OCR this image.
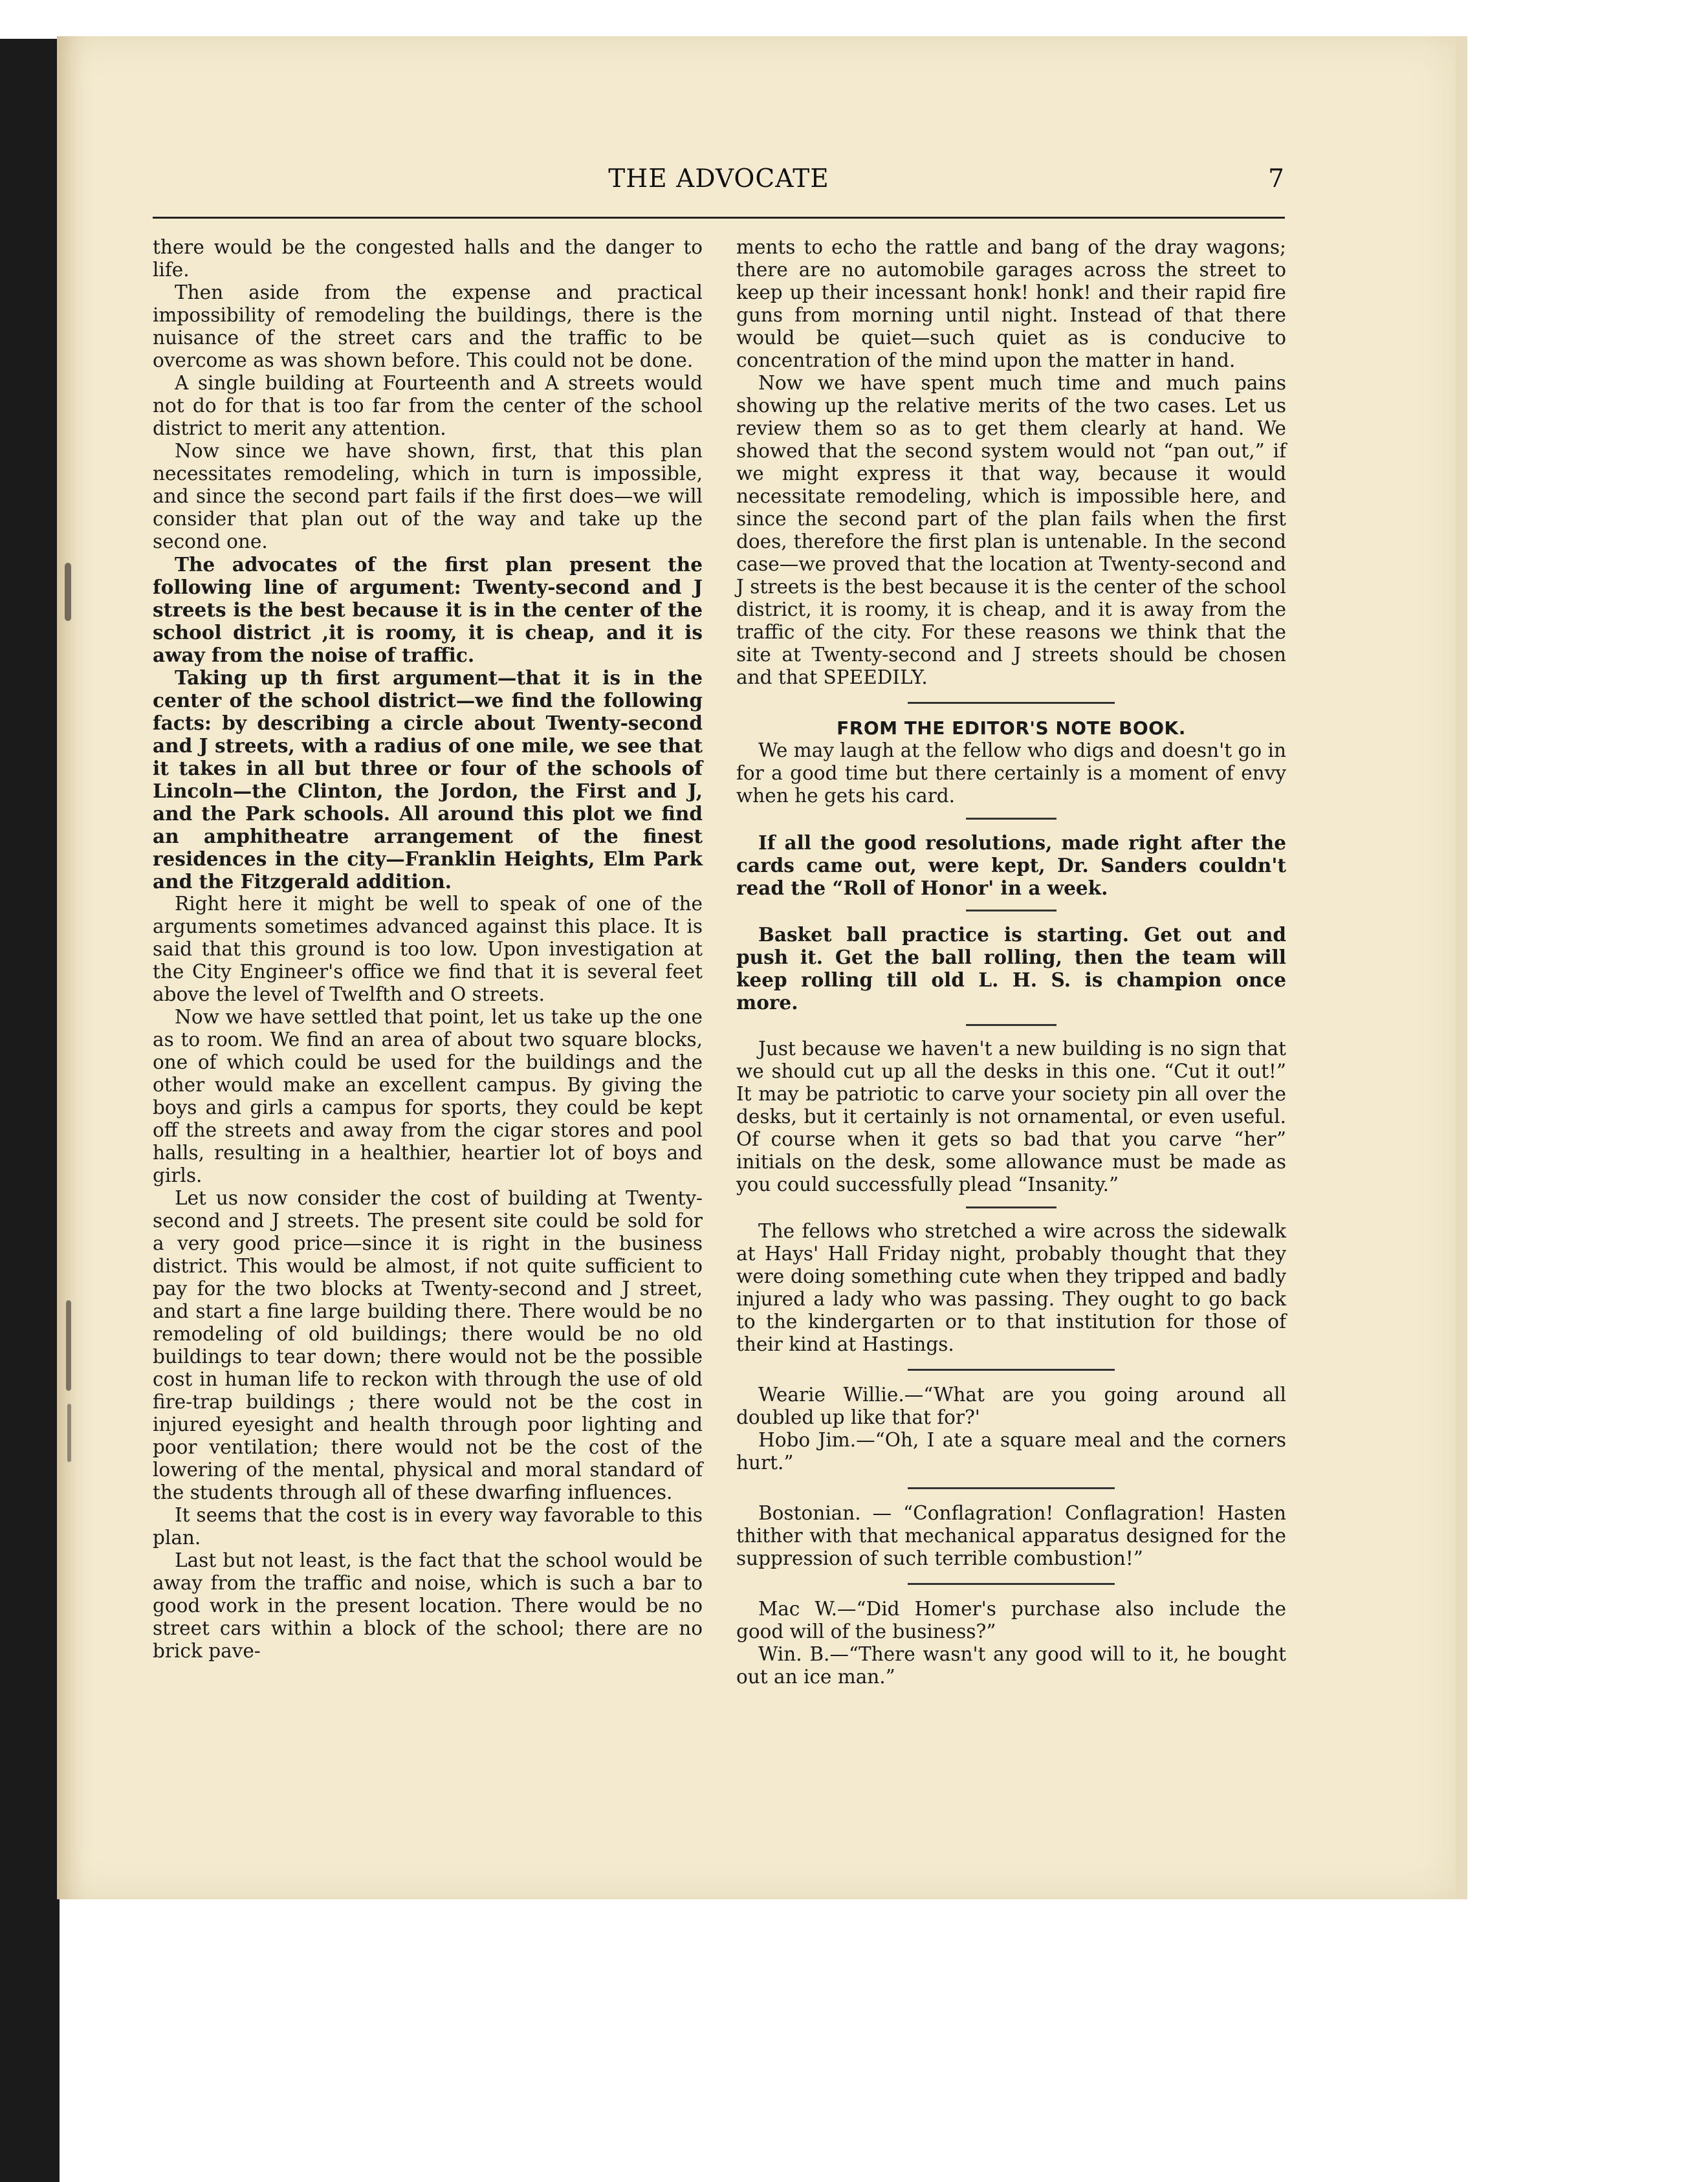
THE ADVOCATE	7

there would be the congested halls and the danger to life.

Then aside from the expense and practical impossibility of remodeling the buildings, there is the nuisance of the street cars and the traffic to be overcome as was shown before. This could not be done.

A single building at Fourteenth and A streets would not do for that is too far from the center of the school district to merit any attention.

Now since we have shown, first, that this plan necessitates remodeling, which in turn is impossible, and since the second part fails if the first does—we will consider that plan out of the way and take up the second one.

The advocates of the first plan present the following line of argument: Twenty-second and J streets is the best because it is in the center of the school district ,it is roomy, it is cheap, and it is away from the noise of traffic.

Taking up th first argument—that it is in the center of the school district—we find the following facts: by describing a circle about Twenty-second and J streets, with a radius of one mile, we see that it takes in all but three or four of the schools of Lincoln—the Clinton, the Jordon, the First and J, and the Park schools. All around this plot we find an amphitheatre arrangement of the finest residences in the city—Franklin Heights, Elm Park and the Fitzgerald addition.

Right here it might be well to speak of one of the arguments sometimes advanced against this place. It is said that this ground is too low. Upon investigation at the City Engineer's office we find that it is several feet above the level of Twelfth and O streets.

Now we have settled that point, let us take up the one as to room. We find an area of about two square blocks, one of which could be used for the buildings and the other would make an excellent campus. By giving the boys and girls a campus for sports, they could be kept off the streets and away from the cigar stores and pool halls, resulting in a healthier, heartier lot of boys and girls.

Let us now consider the cost of building at Twenty-second and J streets. The present site could be sold for a very good price—since it is right in the business district. This would be almost, if not quite sufficient to pay for the two blocks at Twenty-second and J street, and start a fine large building there. There would be no remodeling of old buildings; there would be no old buildings to tear down; there would not be the possible cost in human life to reckon with through the use of old fire-trap buildings ; there would not be the cost in injured eyesight and health through poor lighting and poor ventilation; there would not be the cost of the lowering of the mental, physical and moral standard of the students through all of these dwarfing influences.

It seems that the cost is in every way favorable to this plan.

Last but not least, is the fact that the school would be away from the traffic and noise, which is such a bar to good work in the present location. There would be no street cars within a block of the school; there are no brick pave-

ments to echo the rattle and bang of the dray wagons; there are no automobile garages across the street to keep up their incessant honk! honk! and their rapid fire guns from morning until night. Instead of that there would be quiet—such quiet as is conducive to concentration of the mind upon the matter in hand.

Now we have spent much time and much pains showing up the relative merits of the two cases. Let us review them so as to get them clearly at hand. We showed that the second system would not “pan out,” if we might express it that way, because it would necessitate remodeling, which is impossible here, and since the second part of the plan fails when the first does, therefore the first plan is untenable. In the second case—we proved that the location at Twenty-second and J streets is the best because it is the center of the school district, it is roomy, it is cheap, and it is away from the traffic of the city. For these reasons we think that the site at Twenty-second and J streets should be chosen and that SPEEDILY.

FROM THE EDITOR'S NOTE BOOK.

We may laugh at the fellow who digs and doesn't go in for a good time but there certainly is a moment of envy when he gets his card.

If all the good resolutions, made right after the cards came out, were kept, Dr. Sanders couldn't read the “Roll of Honor' in a week.

Basket ball practice is starting. Get out and push it. Get the ball rolling, then the team will keep rolling till old L. H. S. is champion once more.

Just because we haven't a new building is no sign that we should cut up all the desks in this one. “Cut it out!” It may be patriotic to carve your society pin all over the desks, but it certainly is not ornamental, or even useful. Of course when it gets so bad that you carve “her” initials on the desk, some allowance must be made as you could successfully plead “Insanity.”

The fellows who stretched a wire across the sidewalk at Hays' Hall Friday night, probably thought that they were doing something cute when they tripped and badly injured a lady who was passing. They ought to go back to the kindergarten or to that institution for those of their kind at Hastings.

Wearie Willie.—“What are you going around all doubled up like that for?'

Hobo Jim.—“Oh, I ate a square meal and the corners hurt.”

Bostonian. — “Conflagration! Conflagration! Hasten thither with that mechanical apparatus designed for the suppression of such terrible combustion!”

Mac W.—“Did Homer's purchase also include the good will of the business?”

Win. B.—“There wasn't any good will to it, he bought out an ice man.”
